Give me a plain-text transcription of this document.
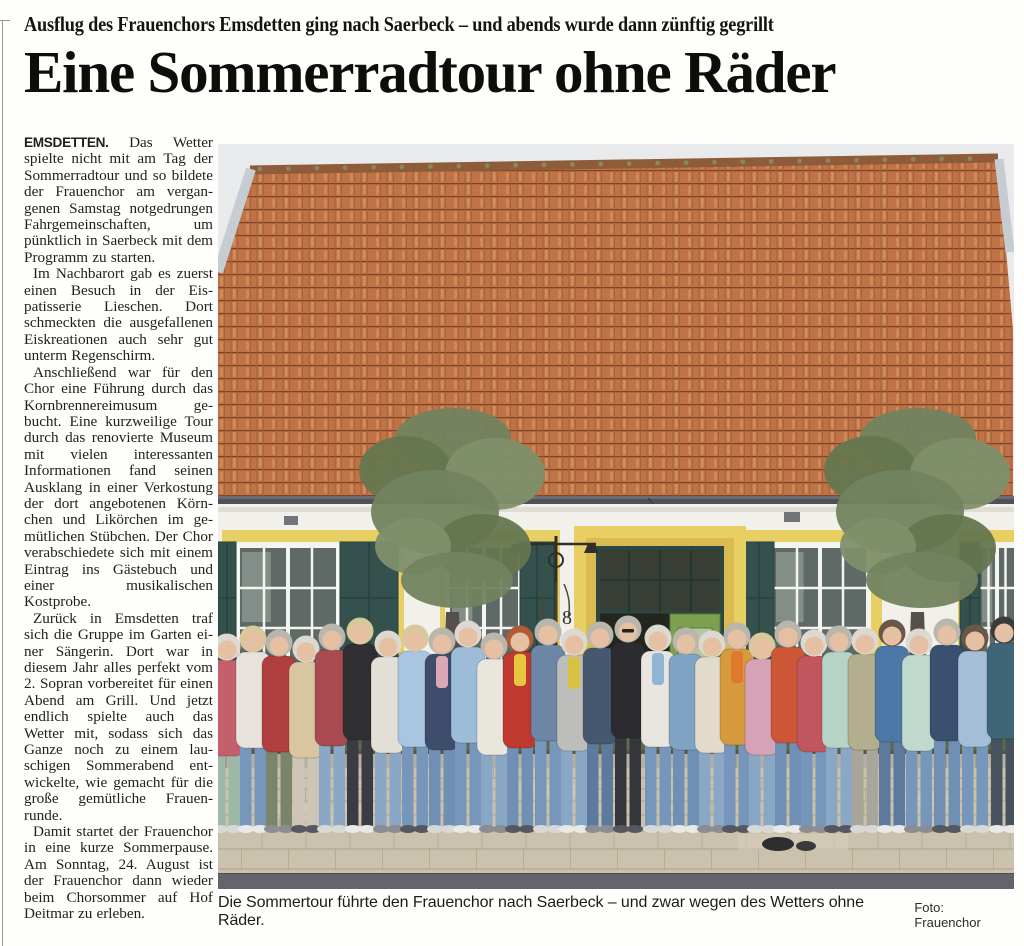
Ausflug des Frauenchors Emsdetten ging nach Saerbeck – und abends wurde dann zünftig gegrillt

Eine Sommerradtour ohne Räder

EMSDETTEN. Das Wetter spielte nicht mit am Tag der Sommerradtour und so bildete der Frauenchor am vergangenen Samstag notgedrungen Fahrgemeinschaften, um pünktlich in Saerbeck mit dem Programm zu starten.

Im Nachbarort gab es zuerst einen Besuch in der Eispatisserie Lieschen. Dort schmeckten die ausgefallenen Eiskreationen auch sehr gut unterm Regenschirm.

Anschließend war für den Chor eine Führung durch das Kornbrennereimusum gebucht. Eine kurzweilige Tour durch das renovierte Museum mit vielen interessanten Informationen fand seinen Ausklang in einer Verkostung der dort angebotenen Körnchen und Likörchen im gemütlichen Stübchen. Der Chor verabschiedete sich mit einem Eintrag ins Gästebuch und einer musikalischen Kostprobe.

Zurück in Emsdetten traf sich die Gruppe im Garten einer Sängerin. Dort war in diesem Jahr alles perfekt vom 2. Sopran vorbereitet für einen Abend am Grill. Und jetzt endlich spielte auch das Wetter mit, sodass sich das Ganze noch zu einem lauschigen Sommerabend entwickelte, wie gemacht für die große gemütliche Frauenrunde.

Damit startet der Frauenchor in eine kurze Sommerpause. Am Sonntag, 24. August ist der Frauenchor dann wieder beim Chorsommer auf Hof Deitmar zu erleben.

8
Die Sommertour führte den Frauenchor nach Saerbeck – und zwar wegen des Wetters ohne Räder.
Foto: Frauenchor
